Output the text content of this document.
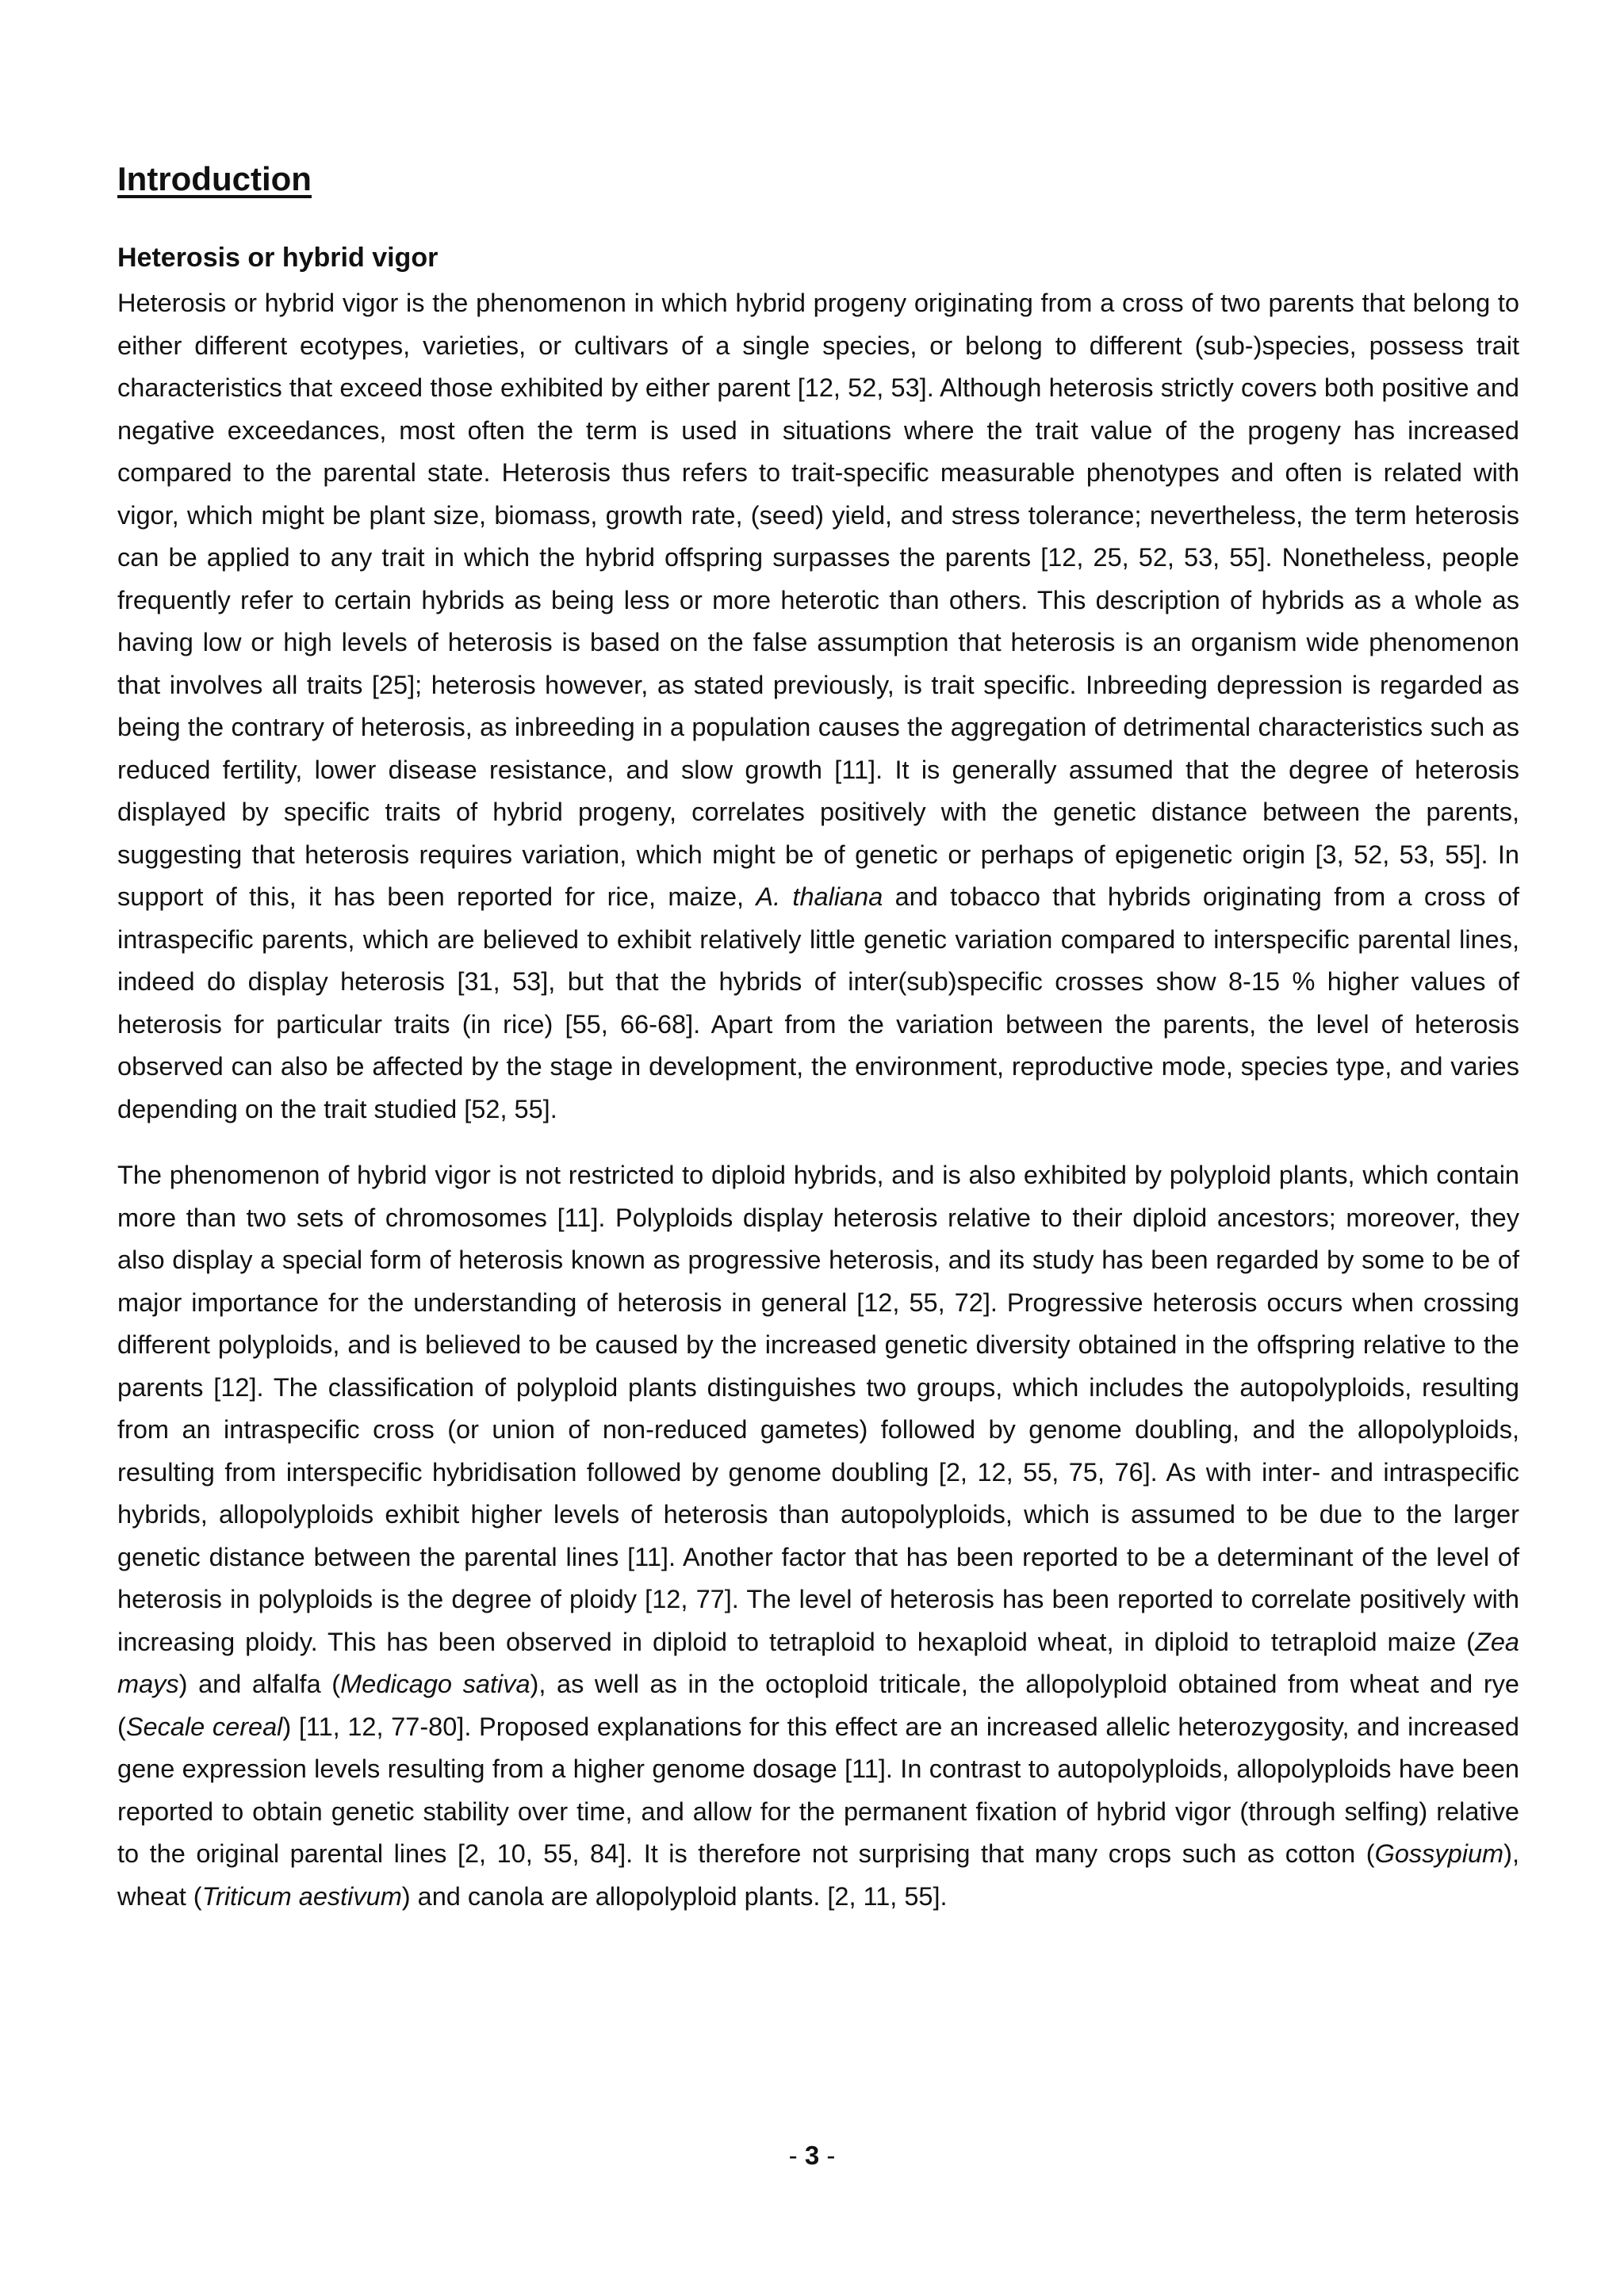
Introduction
Heterosis or hybrid vigor

Heterosis or hybrid vigor is the phenomenon in which hybrid progeny originating from a cross of two parents that belong to either different ecotypes, varieties, or cultivars of a single species, or belong to different (sub-)species, possess trait characteristics that exceed those exhibited by either parent [12, 52, 53]. Although heterosis strictly covers both positive and negative exceedances, most often the term is used in situations where the trait value of the progeny has increased compared to the parental state. Heterosis thus refers to trait-specific measurable phenotypes and often is related with vigor, which might be plant size, biomass, growth rate, (seed) yield, and stress tolerance; nevertheless, the term heterosis can be applied to any trait in which the hybrid offspring surpasses the parents [12, 25, 52, 53, 55]. Nonetheless, people frequently refer to certain hybrids as being less or more heterotic than others. This description of hybrids as a whole as having low or high levels of heterosis is based on the false assumption that heterosis is an organism wide phenomenon that involves all traits [25]; heterosis however, as stated previously, is trait specific. Inbreeding depression is regarded as being the contrary of heterosis, as inbreeding in a population causes the aggregation of detrimental characteristics such as reduced fertility, lower disease resistance, and slow growth [11]. It is generally assumed that the degree of heterosis displayed by specific traits of hybrid progeny, correlates positively with the genetic distance between the parents, suggesting that heterosis requires variation, which might be of genetic or perhaps of epigenetic origin [3, 52, 53, 55]. In support of this, it has been reported for rice, maize, A. thaliana and tobacco that hybrids originating from a cross of intraspecific parents, which are believed to exhibit relatively little genetic variation compared to interspecific parental lines, indeed do display heterosis [31, 53], but that the hybrids of inter(sub)specific crosses show 8-15 % higher values of heterosis for particular traits (in rice) [55, 66-68]. Apart from the variation between the parents, the level of heterosis observed can also be affected by the stage in development, the environment, reproductive mode, species type, and varies depending on the trait studied [52, 55].

The phenomenon of hybrid vigor is not restricted to diploid hybrids, and is also exhibited by polyploid plants, which contain more than two sets of chromosomes [11]. Polyploids display heterosis relative to their diploid ancestors; moreover, they also display a special form of heterosis known as progressive heterosis, and its study has been regarded by some to be of major importance for the understanding of heterosis in general [12, 55, 72]. Progressive heterosis occurs when crossing different polyploids, and is believed to be caused by the increased genetic diversity obtained in the offspring relative to the parents [12]. The classification of polyploid plants distinguishes two groups, which includes the autopolyploids, resulting from an intraspecific cross (or union of non-reduced gametes) followed by genome doubling, and the allopolyploids, resulting from interspecific hybridisation followed by genome doubling [2, 12, 55, 75, 76]. As with inter- and intraspecific hybrids, allopolyploids exhibit higher levels of heterosis than autopolyploids, which is assumed to be due to the larger genetic distance between the parental lines [11]. Another factor that has been reported to be a determinant of the level of heterosis in polyploids is the degree of ploidy [12, 77]. The level of heterosis has been reported to correlate positively with increasing ploidy. This has been observed in diploid to tetraploid to hexaploid wheat, in diploid to tetraploid maize (Zea mays) and alfalfa (Medicago sativa), as well as in the octoploid triticale, the allopolyploid obtained from wheat and rye (Secale cereal) [11, 12, 77-80]. Proposed explanations for this effect are an increased allelic heterozygosity, and increased gene expression levels resulting from a higher genome dosage [11]. In contrast to autopolyploids, allopolyploids have been reported to obtain genetic stability over time, and allow for the permanent fixation of hybrid vigor (through selfing) relative to the original parental lines [2, 10, 55, 84]. It is therefore not surprising that many crops such as cotton (Gossypium), wheat (Triticum aestivum) and canola are allopolyploid plants. [2, 11, 55].

- 3 -
